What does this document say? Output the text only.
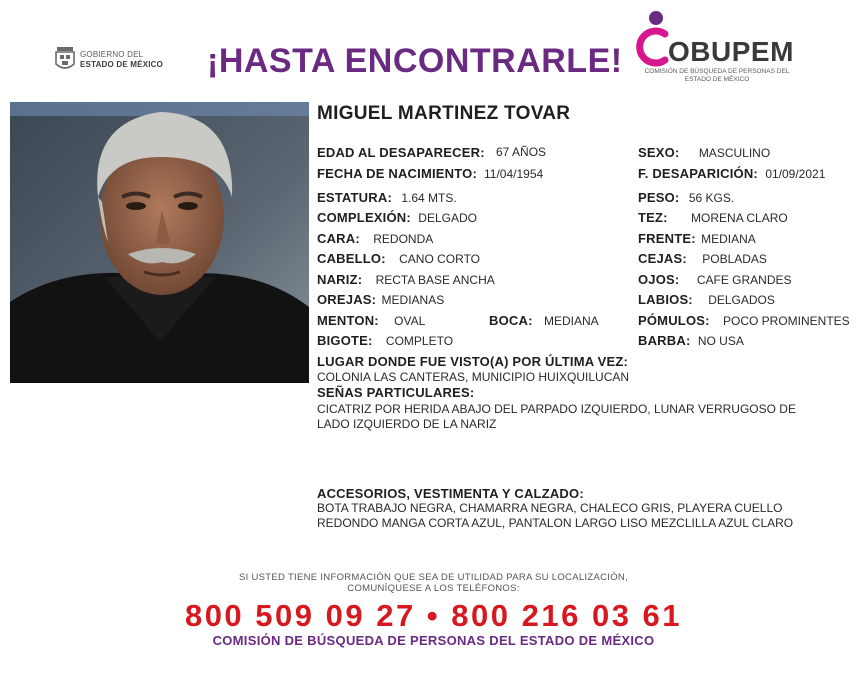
GOBIERNO DEL
ESTADO DE MÉXICO ¡HASTA ENCONTRARLE! OBUPEM
COMISIÓN DE BÚSQUEDA DE PERSONAS DEL ESTADO DE MÉXICO
MIGUEL MARTINEZ TOVAR
EDAD AL DESAPARECER: 67 AÑOS
FECHA DE NACIMIENTO: 11/04/1954
ESTATURA: 1.64 MTS.
COMPLEXIÓN: DELGADO
CARA: REDONDA
CABELLO: CANO CORTO
NARIZ: RECTA BASE ANCHA
OREJAS: MEDIANAS
MENTON: OVAL	BOCA: MEDIANA
BIGOTE: COMPLETO
SEXO: MASCULINO
F. DESAPARICIÓN: 01/09/2021
PESO: 56 KGS.
TEZ: MORENA CLARO
FRENTE: MEDIANA
CEJAS: POBLADAS
OJOS: CAFE GRANDES
LABIOS: DELGADOS
PÓMULOS: POCO PROMINENTES
BARBA: NO USA
LUGAR DONDE FUE VISTO(A) POR ÚLTIMA VEZ:
COLONIA LAS CANTERAS, MUNICIPIO HUIXQUILUCAN
SEÑAS PARTICULARES:
CICATRIZ POR HERIDA ABAJO DEL PARPADO IZQUIERDO, LUNAR VERRUGOSO DE
LADO IZQUIERDO DE LA NARIZ
ACCESORIOS, VESTIMENTA Y CALZADO:
BOTA TRABAJO NEGRA, CHAMARRA NEGRA, CHALECO GRIS, PLAYERA CUELLO
REDONDO MANGA CORTA AZUL, PANTALON LARGO LISO MEZCLILLA AZUL CLARO
SI USTED TIENE INFORMACIÓN QUE SEA DE UTILIDAD PARA SU LOCALIZACIÓN,
COMUNÍQUESE A LOS TELÉFONOS:
800 509 09 27 • 800 216 03 61
COMISIÓN DE BÚSQUEDA DE PERSONAS DEL ESTADO DE MÉXICO
